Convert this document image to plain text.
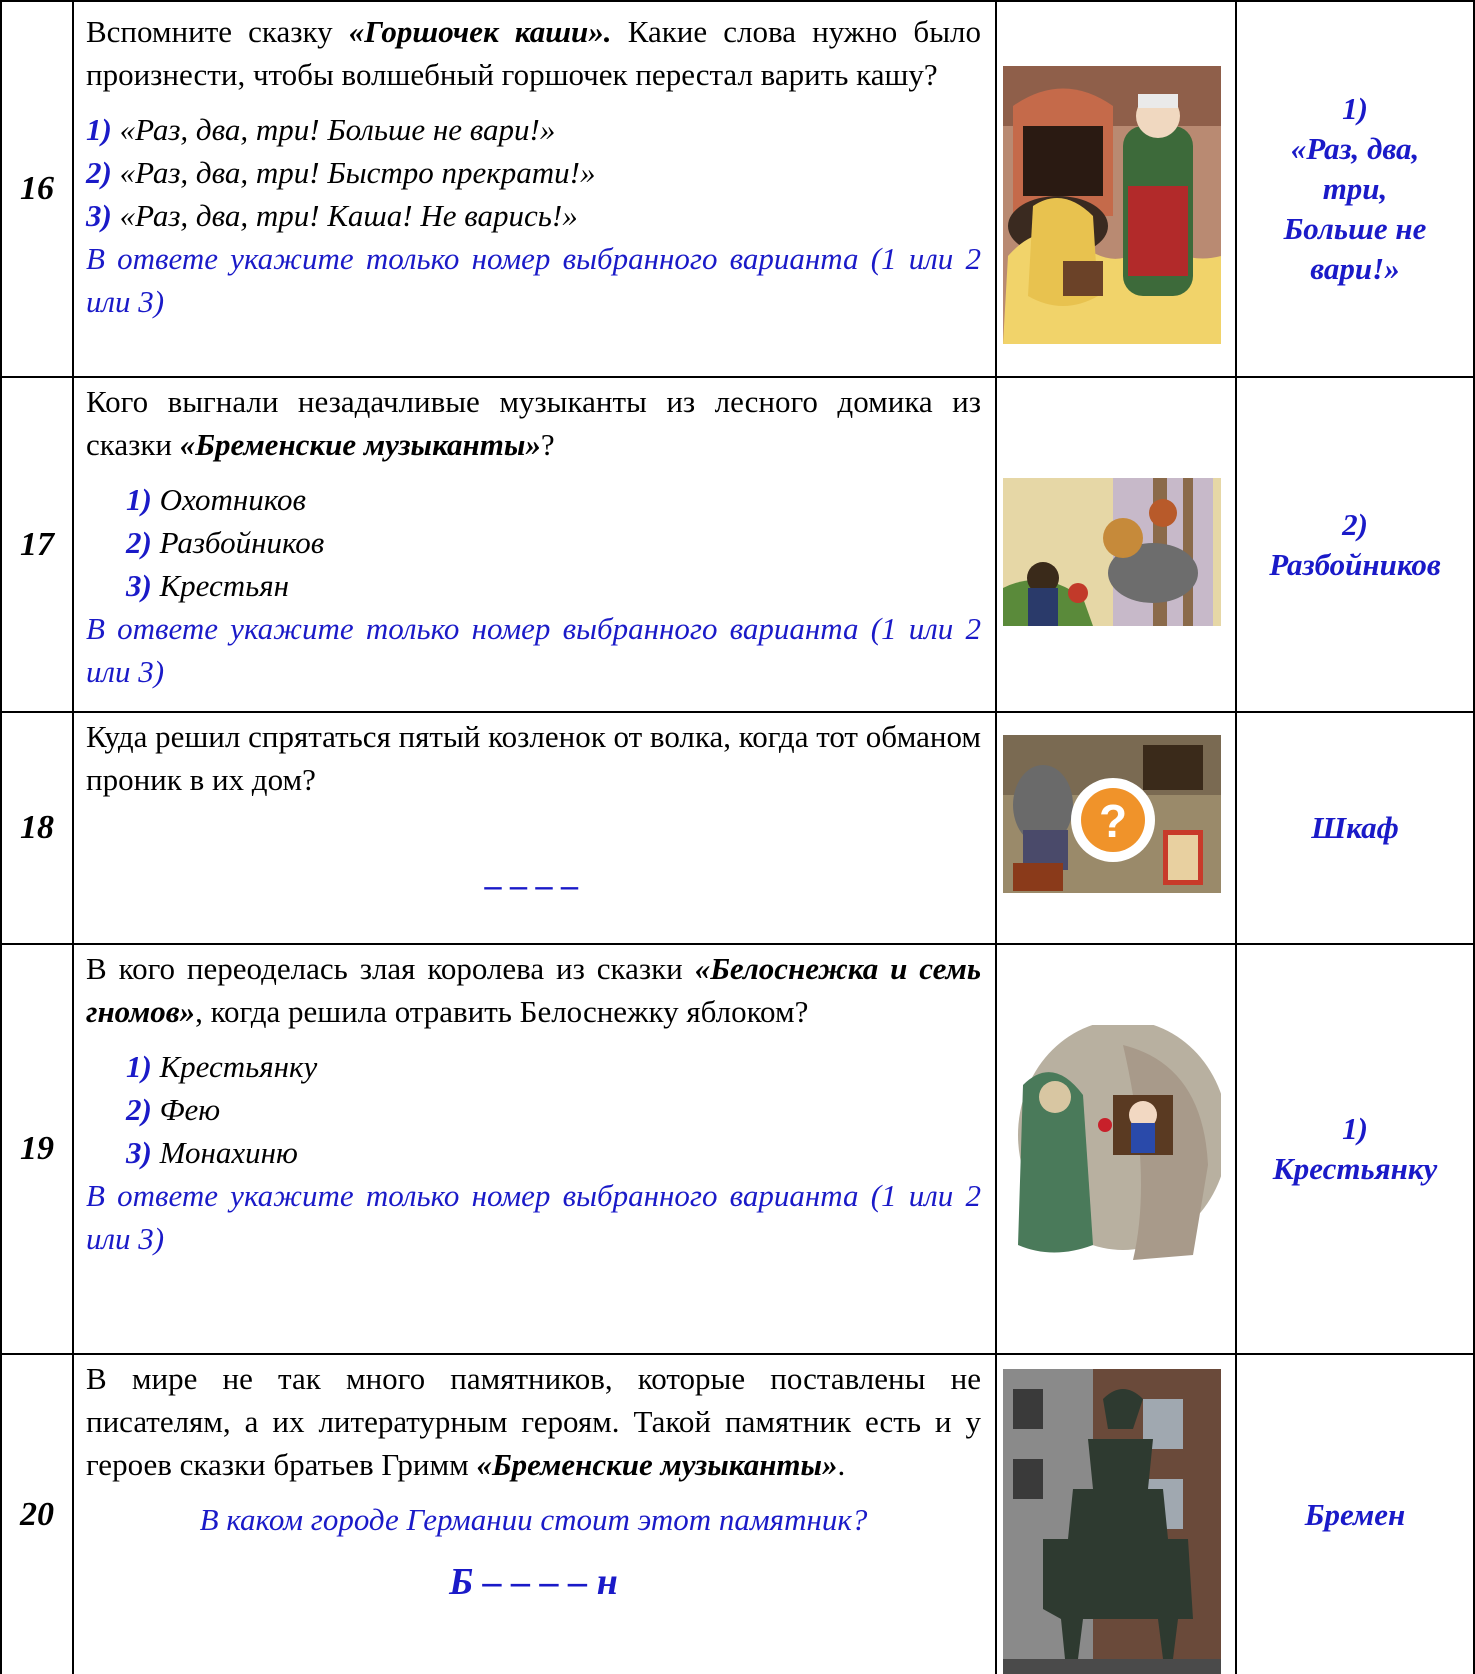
16

Вспомните сказку «Горшочек каши». Какие слова нужно было произнести, чтобы волшебный горшочек перестал варить кашу?

1) «Раз, два, три! Больше не вари!»
2) «Раз, два, три! Быстро прекрати!»
3) «Раз, два, три! Каша! Не варись!»

В ответе укажите только номер выбранного варианта (1 или 2 или 3)

1)
«Раз, два,
три,
Больше не
вари!»
17

Кого выгнали незадачливые музыканты из лесного домика из сказки «Бременские музыканты»?

1) Охотников
2) Разбойников
3) Крестьян

В ответе укажите только номер выбранного варианта (1 или 2 или 3)

2)
Разбойников
18

Куда решил спрятаться пятый козленок от волка, когда тот обманом проник в их дом?

_ _ _ _

?	Шкаф
19

В кого переоделась злая королева из сказки «Белоснежка и семь гномов», когда решила отравить Белоснежку яблоком?

1) Крестьянку
2) Фею
3) Монахиню

В ответе укажите только номер выбранного варианта (1 или 2 или 3)

1)
Крестьянку
20

В мире не так много памятников, которые поставлены не писателям, а их литературным героям. Такой памятник есть и у героев сказки братьев Гримм «Бременские музыканты».

В каком городе Германии стоит этот памятник?

Б – – – – н

Бремен
